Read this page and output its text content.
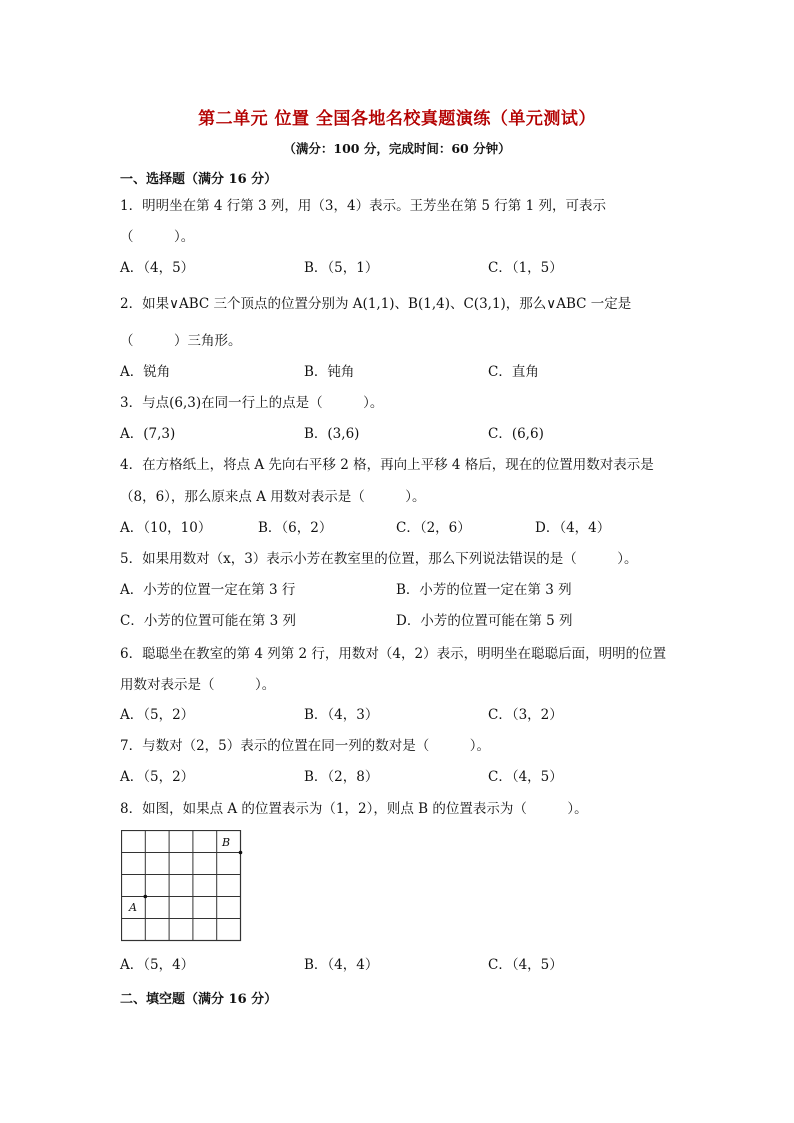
第二单元 位置 全国各地名校真题演练（单元测试）
（满分：100 分，完成时间：60 分钟）
一、选择题（满分 16 分）
1．明明坐在第 4 行第 3 列，用（3，4）表示。王芳坐在第 5 行第 1 列，可表示
（　　　）。
A．（4，5）	B．（5，1）	C．（1，5）
2．如果∨ABC 三个顶点的位置分别为 A(1,1)、B(1,4)、C(3,1)，那么∨ABC 一定是
（　　　）三角形。
A．锐角	B．钝角	C．直角
3．与点(6,3)在同一行上的点是（　　　）。
A．(7,3)	B．(3,6)	C．(6,6)
4．在方格纸上，将点 A 先向右平移 2 格，再向上平移 4 格后，现在的位置用数对表示是
（8，6），那么原来点 A 用数对表示是（　　　）。
A．（10，10）	B．（6，2）	C．（2，6）	D．（4，4）
5．如果用数对（x，3）表示小芳在教室里的位置，那么下列说法错误的是（　　　）。
A．小芳的位置一定在第 3 行	B．小芳的位置一定在第 3 列
C．小芳的位置可能在第 3 列	D．小芳的位置可能在第 5 列
6．聪聪坐在教室的第 4 列第 2 行，用数对（4，2）表示，明明坐在聪聪后面，明明的位置
用数对表示是（　　　）。
A．（5，2）	B．（4，3）	C．（3，2）
7．与数对（2，5）表示的位置在同一列的数对是（　　　）。
A．（5，2）	B．（2，8）	C．（4，5）
8．如图，如果点 A 的位置表示为（1，2），则点 B 的位置表示为（　　　）。
A
B
A．（5，4）	B．（4，4）	C．（4，5）
二、填空题（满分 16 分）
